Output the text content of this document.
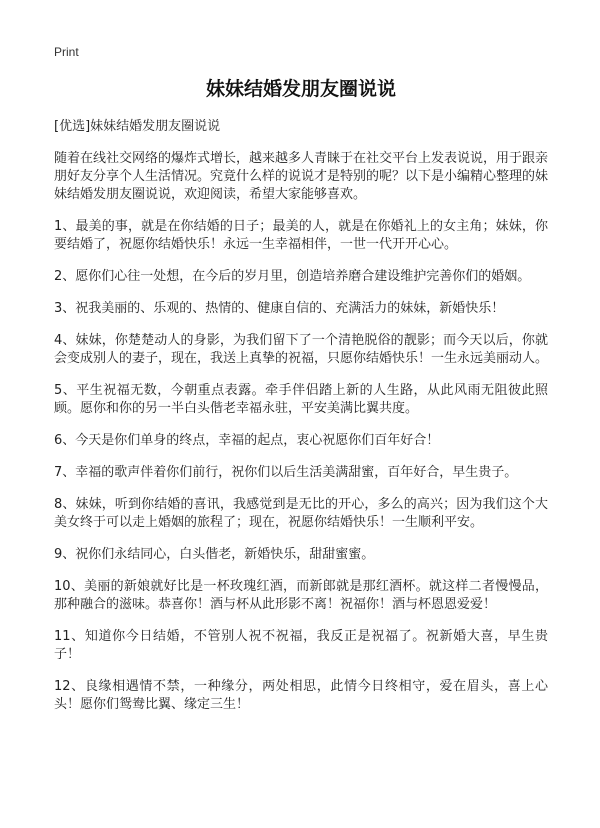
Print
妹妹结婚发朋友圈说说
[优选]妹妹结婚发朋友圈说说

随着在线社交网络的爆炸式增长，越来越多人青睐于在社交平台上发表说说，用于跟亲朋好友分享个人生活情况。究竟什么样的说说才是特别的呢？以下是小编精心整理的妹妹结婚发朋友圈说说，欢迎阅读，希望大家能够喜欢。

1、最美的事，就是在你结婚的日子；最美的人，就是在你婚礼上的女主角；妹妹，你要结婚了，祝愿你结婚快乐！永远一生幸福相伴，一世一代开开心心。

2、愿你们心往一处想，在今后的岁月里，创造培养磨合建设维护完善你们的婚姻。

3、祝我美丽的、乐观的、热情的、健康自信的、充满活力的妹妹，新婚快乐！

4、妹妹，你楚楚动人的身影，为我们留下了一个清艳脱俗的靓影；而今天以后，你就会变成别人的妻子，现在，我送上真挚的祝福，只愿你结婚快乐！一生永远美丽动人。

5、平生祝福无数，今朝重点表露。牵手伴侣踏上新的人生路，从此风雨无阻彼此照顾。愿你和你的另一半白头偕老幸福永驻，平安美满比翼共度。

6、今天是你们单身的终点，幸福的起点，衷心祝愿你们百年好合！

7、幸福的歌声伴着你们前行，祝你们以后生活美满甜蜜，百年好合，早生贵子。

8、妹妹，听到你结婚的喜讯，我感觉到是无比的开心，多么的高兴；因为我们这个大美女终于可以走上婚姻的旅程了；现在，祝愿你结婚快乐！一生顺利平安。

9、祝你们永结同心，白头偕老，新婚快乐，甜甜蜜蜜。

10、美丽的新娘就好比是一杯玫瑰红酒，而新郎就是那红酒杯。就这样二者慢慢品，那种融合的滋味。恭喜你！酒与杯从此形影不离！祝福你！酒与杯恩恩爱爱！

11、知道你今日结婚，不管别人祝不祝福，我反正是祝福了。祝新婚大喜，早生贵子！

12、良缘相遇情不禁，一种缘分，两处相思，此情今日终相守，爱在眉头，喜上心头！愿你们鸳鸯比翼、缘定三生！
